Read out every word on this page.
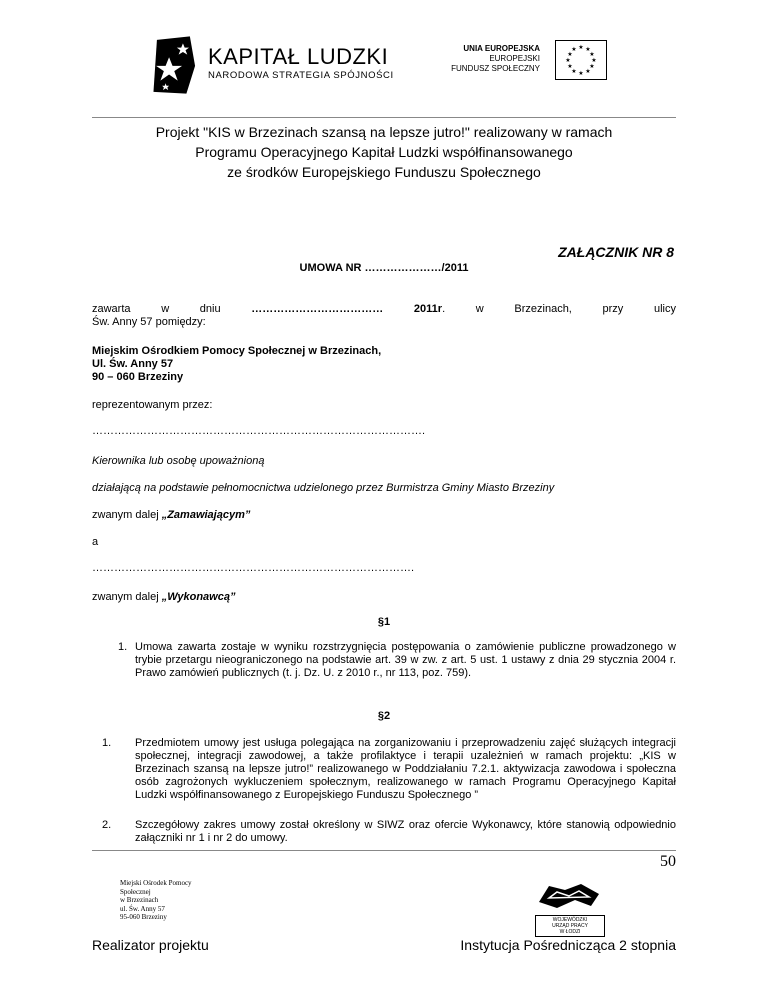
KAPITAŁ LUDZKI
NARODOWA STRATEGIA SPÓJNOŚCI
UNIA EUROPEJSKA
EUROPEJSKI
FUNDUSZ SPOŁECZNY
★ ★
★
★
★
★
★
★
★
★
★
★
Projekt "KIS w Brzezinach szansą na lepsze jutro!" realizowany w ramach
Programu Operacyjnego Kapitał Ludzki współfinansowanego
ze środków Europejskiego Funduszu Społecznego
ZAŁĄCZNIK NR 8
UMOWA NR …………………/2011
zawarta	w	dniu	………………………………	2011r.	w	Brzezinach,	przy	ulicy
Św. Anny 57 pomiędzy:
Miejskim Ośrodkiem Pomocy Społecznej w Brzezinach,
Ul. Św. Anny 57
90 – 060 Brzeziny
reprezentowanym przez:
……………………………………………………………………………….
Kierownika lub osobę upoważnioną
działającą na podstawie pełnomocnictwa udzielonego przez Burmistrza Gminy Miasto Brzeziny
zwanym dalej „Zamawiającym”
a
…………………………………………………………………………….
zwanym dalej „Wykonawcą”
§1
1. Umowa zawarta zostaje w wyniku rozstrzygnięcia postępowania o zamówienie publiczne prowadzonego w trybie przetargu nieograniczonego na podstawie art. 39 w zw. z art. 5 ust. 1 ustawy z dnia 29 stycznia 2004 r. Prawo zamówień publicznych (t. j. Dz. U. z 2010 r., nr 113, poz. 759).
§2
1. Przedmiotem umowy jest usługa polegająca na zorganizowaniu i przeprowadzeniu zajęć służących integracji społecznej, integracji zawodowej, a także profilaktyce i terapii uzależnień w ramach projektu: „KIS w Brzezinach szansą na lepsze jutro!” realizowanego w Poddziałaniu 7.2.1. aktywizacja zawodowa i społeczna osób zagrożonych wykluczeniem społecznym, realizowanego w ramach Programu Operacyjnego Kapitał Ludzki współfinansowanego z Europejskiego Funduszu Społecznego ”
2. Szczegółowy zakres umowy został określony w SIWZ oraz ofercie Wykonawcy, które stanowią odpowiednio załączniki nr 1 i nr 2 do umowy.
50
Miejski Ośrodek Pomocy
Społecznej
w Brzezinach
ul. Św. Anny 57
95-060 Brzeziny	WOJEWÓDZKI
URZĄD PRACY
W ŁODZI
Realizator projektu	Instytucja Pośrednicząca 2 stopnia
